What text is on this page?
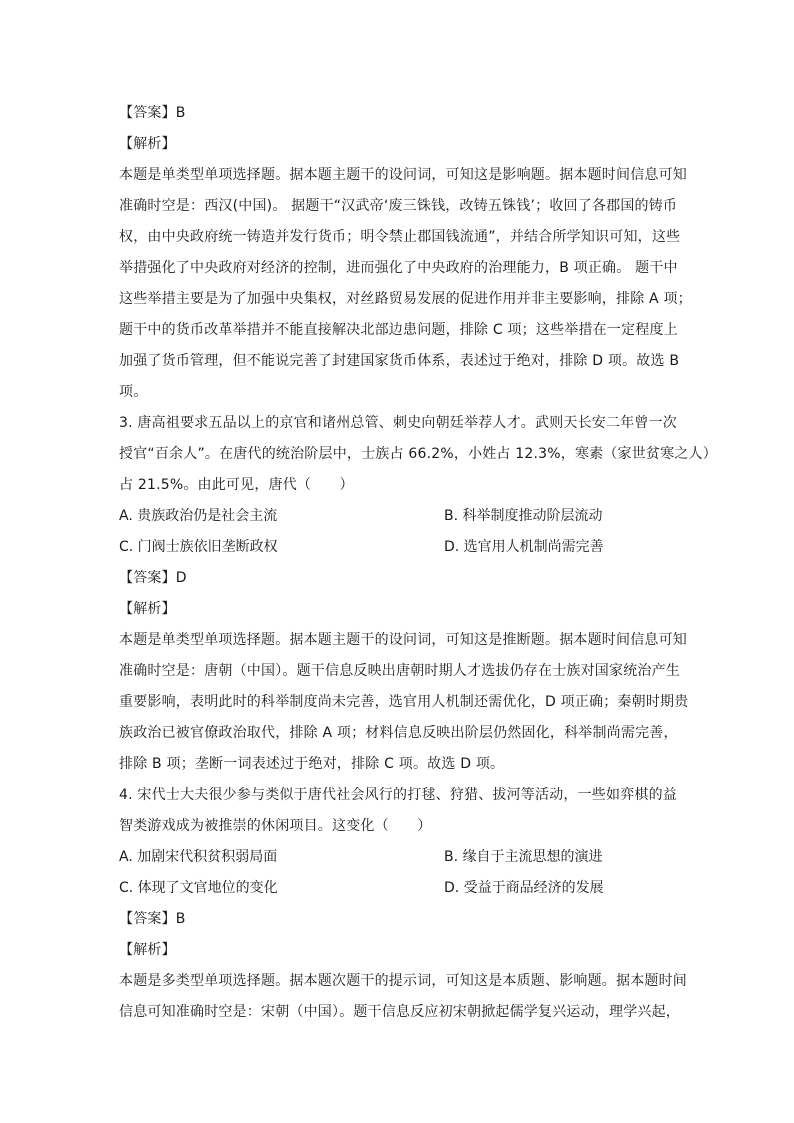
【答案】B
【解析】
本题是单类型单项选择题。据本题主题干的设问词，可知这是影响题。据本题时间信息可知
准确时空是：西汉(中国)。 据题干“汉武帝‘废三铢钱，改铸五铢钱’；收回了各郡国的铸币
权，由中央政府统一铸造并发行货币；明令禁止郡国钱流通”，并结合所学知识可知，这些
举措强化了中央政府对经济的控制，进而强化了中央政府的治理能力，B 项正确。 题干中
这些举措主要是为了加强中央集权，对丝路贸易发展的促进作用并非主要影响，排除 A 项；
题干中的货币改革举措并不能直接解决北部边患问题，排除 C 项；这些举措在一定程度上
加强了货币管理，但不能说完善了封建国家货币体系，表述过于绝对，排除 D 项。故选 B
项。
3. 唐高祖要求五品以上的京官和诸州总管、刺史向朝廷举荐人才。武则天长安二年曾一次
授官“百余人”。在唐代的统治阶层中，士族占 66.2%，小姓占 12.3%，寒素（家世贫寒之人）
占 21.5%。由此可见，唐代（　　）
A. 贵族政治仍是社会主流	B. 科举制度推动阶层流动
C. 门阀士族依旧垄断政权	D. 选官用人机制尚需完善
【答案】D
【解析】
本题是单类型单项选择题。据本题主题干的设问词，可知这是推断题。据本题时间信息可知
准确时空是：唐朝（中国）。题干信息反映出唐朝时期人才选拔仍存在士族对国家统治产生
重要影响，表明此时的科举制度尚未完善，选官用人机制还需优化，D 项正确；秦朝时期贵
族政治已被官僚政治取代，排除 A 项；材料信息反映出阶层仍然固化，科举制尚需完善，
排除 B 项；垄断一词表述过于绝对，排除 C 项。故选 D 项。
4. 宋代士大夫很少参与类似于唐代社会风行的打毬、狩猎、拔河等活动，一些如弈棋的益
智类游戏成为被推崇的休闲项目。这变化（　　）
A. 加剧宋代积贫积弱局面	B. 缘自于主流思想的演进
C. 体现了文官地位的变化	D. 受益于商品经济的发展
【答案】B
【解析】
本题是多类型单项选择题。据本题次题干的提示词，可知这是本质题、影响题。据本题时间
信息可知准确时空是：宋朝（中国）。题干信息反应初宋朝掀起儒学复兴运动，理学兴起，
